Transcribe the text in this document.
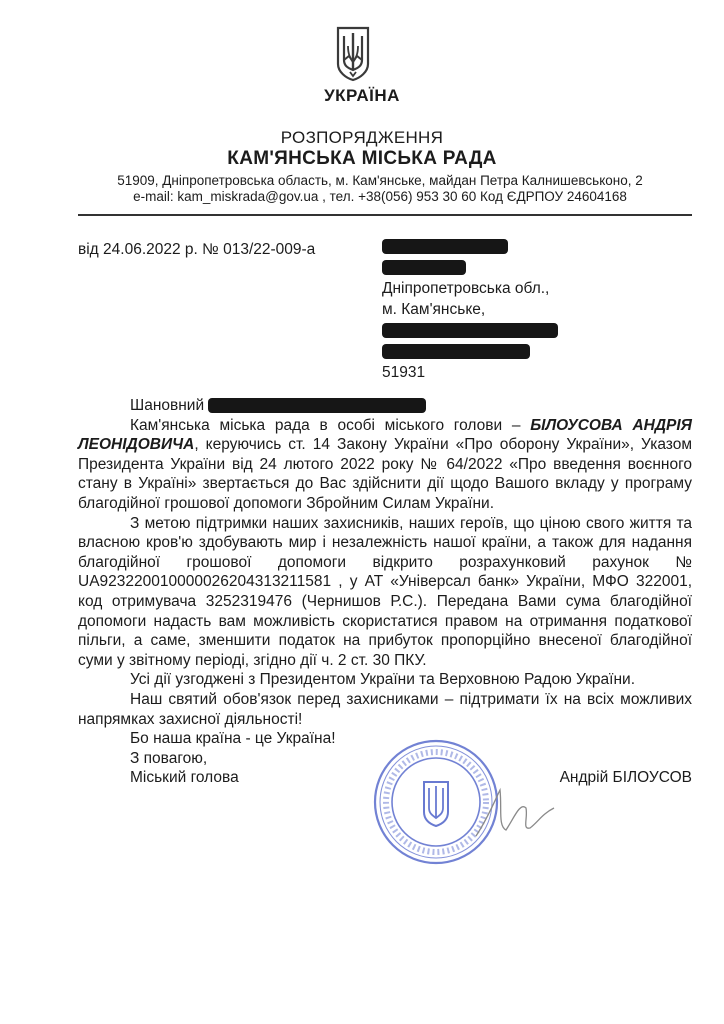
УКРАЇНА
РОЗПОРЯДЖЕННЯ
КАМ'ЯНСЬКА МІСЬКА РАДА
51909, Дніпропетровська область, м. Кам'янське, майдан Петра Калнишевськоно, 2
e-mail: kam_miskrada@gov.ua , тел. +38(056) 953 30 60 Код ЄДРПОУ 24604168
від 24.06.2022 р. № 013/22-009-а
Дніпропетровська обл.,
м. Кам'янське,
51931

Шановний

Кам'янська міська рада в особі міського голови – БІЛОУСОВА АНДРІЯ ЛЕОНІДОВИЧА, керуючись ст. 14 Закону України «Про оборону України», Указом Президента України від 24 лютого 2022 року № 64/2022 «Про введення воєнного стану в Україні» звертається до Вас здійснити дії щодо Вашого вкладу у програму благодійної грошової допомоги Збройним Силам України.

З метою підтримки наших захисників, наших героїв, що ціною свого життя та власною кров'ю здобувають мир і незалежність нашої країни, а також для надання благодійної грошової допомоги відкрито розрахунковий рахунок № UA923220010000026204313211581 , у АТ «Універсал банк» України, МФО 322001, код отримувача 3252319476 (Чернишов Р.С.). Передана Вами сума благодійної допомоги надасть вам можливість скористатися правом на отримання податкової пільги, а саме, зменшити податок на прибуток пропорційно внесеної благодійної суми у звітному періоді, згідно дії ч. 2 ст. 30 ПКУ.

Усі дії узгоджені з Президентом України та Верховною Радою України.

Наш святий обов'язок перед захисниками – підтримати їх на всіх можливих напрямках захисної діяльності!

Бо наша країна - це Україна!

З повагою,

Міський голова	Андрій БІЛОУСОВ
